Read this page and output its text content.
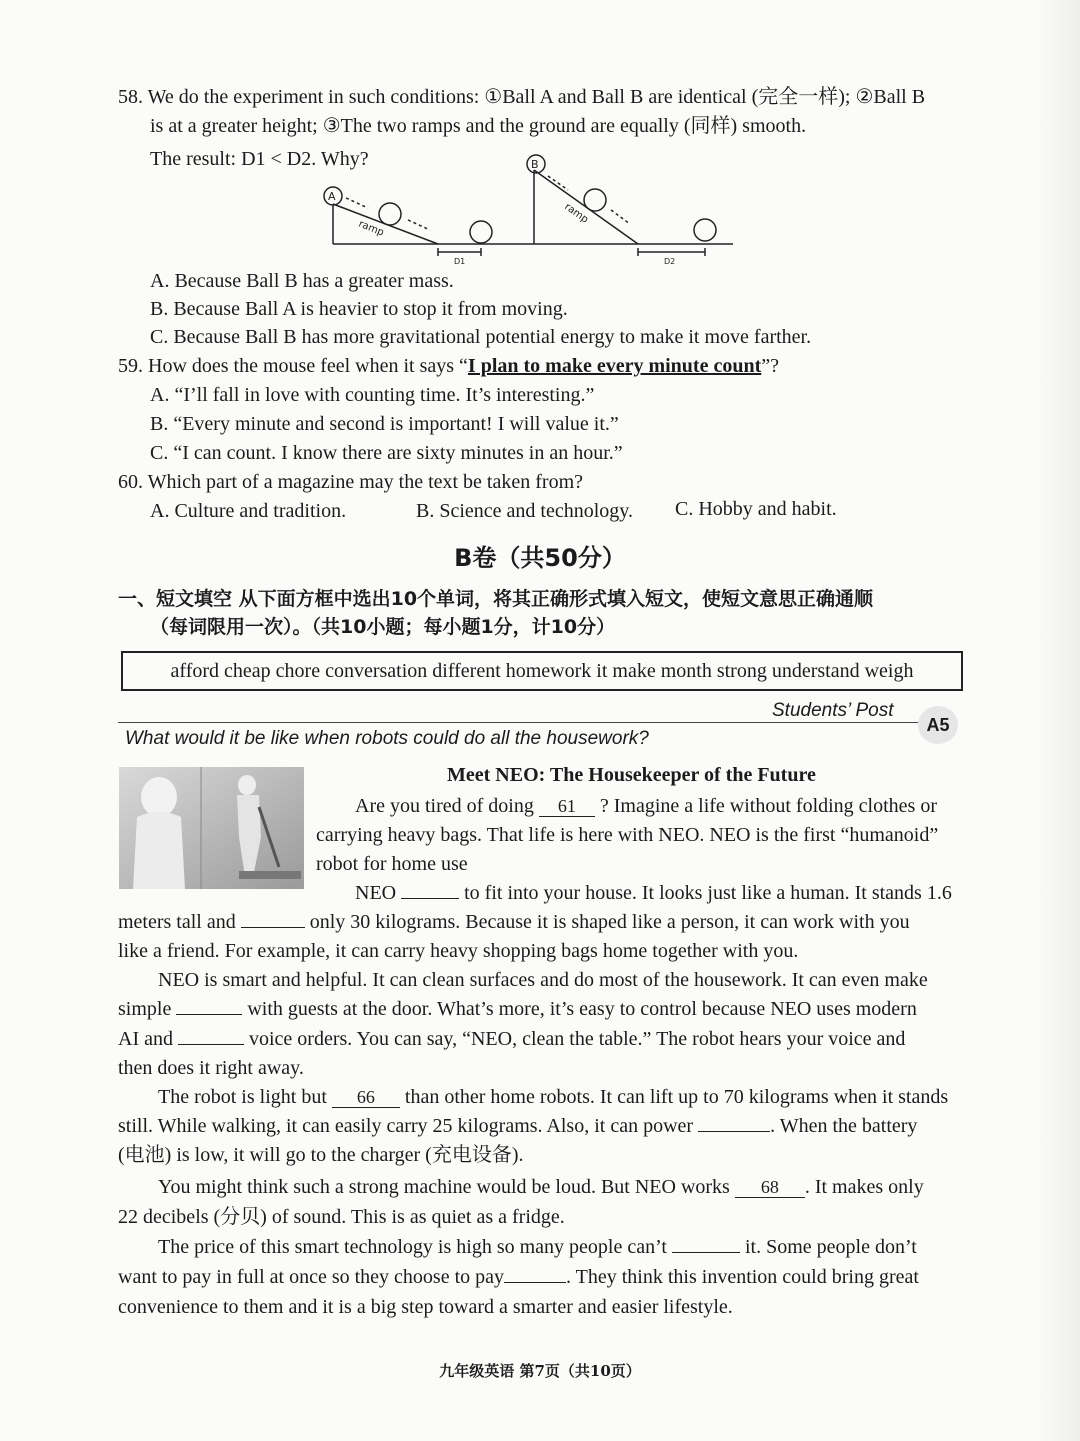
58. We do the experiment in such conditions: ①Ball A and Ball B are identical (完全一样); ②Ball B
is at a greater height; ③The two ramps and the ground are equally (同样) smooth.
The result: D1 < D2. Why?
A
B
ramp
ramp
D1	D2
A. Because Ball B has a greater mass.
B. Because Ball A is heavier to stop it from moving.
C. Because Ball B has more gravitational potential energy to make it move farther.
59. How does the mouse feel when it says “I plan to make every minute count”?
A. “I’ll fall in love with counting time. It’s interesting.”
B. “Every minute and second is important! I will value it.”
C. “I can count. I know there are sixty minutes in an hour.”
60. Which part of a magazine may the text be taken from?
A. Culture and tradition.	B. Science and technology. C. Hobby and habit.
B卷（共50分）
一、短文填空 从下面方框中选出10个单词，将其正确形式填入短文，使短文意思正确通顺
（每词限用一次）。（共10小题；每小题1分，计10分）
afford cheap chore conversation different homework it make month strong understand weigh
Students’ Post
A5
What would it be like when robots could do all the housework?
Meet NEO: The Housekeeper of the Future
Are you tired of doing 61 ? Imagine a life without folding clothes or
carrying heavy bags. That life is here with NEO. NEO is the first “humanoid”
robot for home use
NEO	to fit into your house. It looks just like a human. It stands 1.6
meters tall and	only 30 kilograms. Because it is shaped like a person, it can work with you
like a friend. For example, it can carry heavy shopping bags home together with you.
NEO is smart and helpful. It can clean surfaces and do most of the housework. It can even make
simple	with guests at the door. What’s more, it’s easy to control because NEO uses modern
AI and	voice orders. You can say, “NEO, clean the table.” The robot hears your voice and
then does it right away.
The robot is light but 66 than other home robots. It can lift up to 70 kilograms when it stands
still. While walking, it can easily carry 25 kilograms. Also, it can power	. When the battery
(电池) is low, it will go to the charger (充电设备).
You might think such a strong machine would be loud. But NEO works 68 . It makes only
22 decibels (分贝) of sound. This is as quiet as a fridge.
The price of this smart technology is high so many people can’t	it. Some people don’t
want to pay in full at once so they choose to pay	. They think this invention could bring great
convenience to them and it is a big step toward a smarter and easier lifestyle.
九年级英语 第7页（共10页）
